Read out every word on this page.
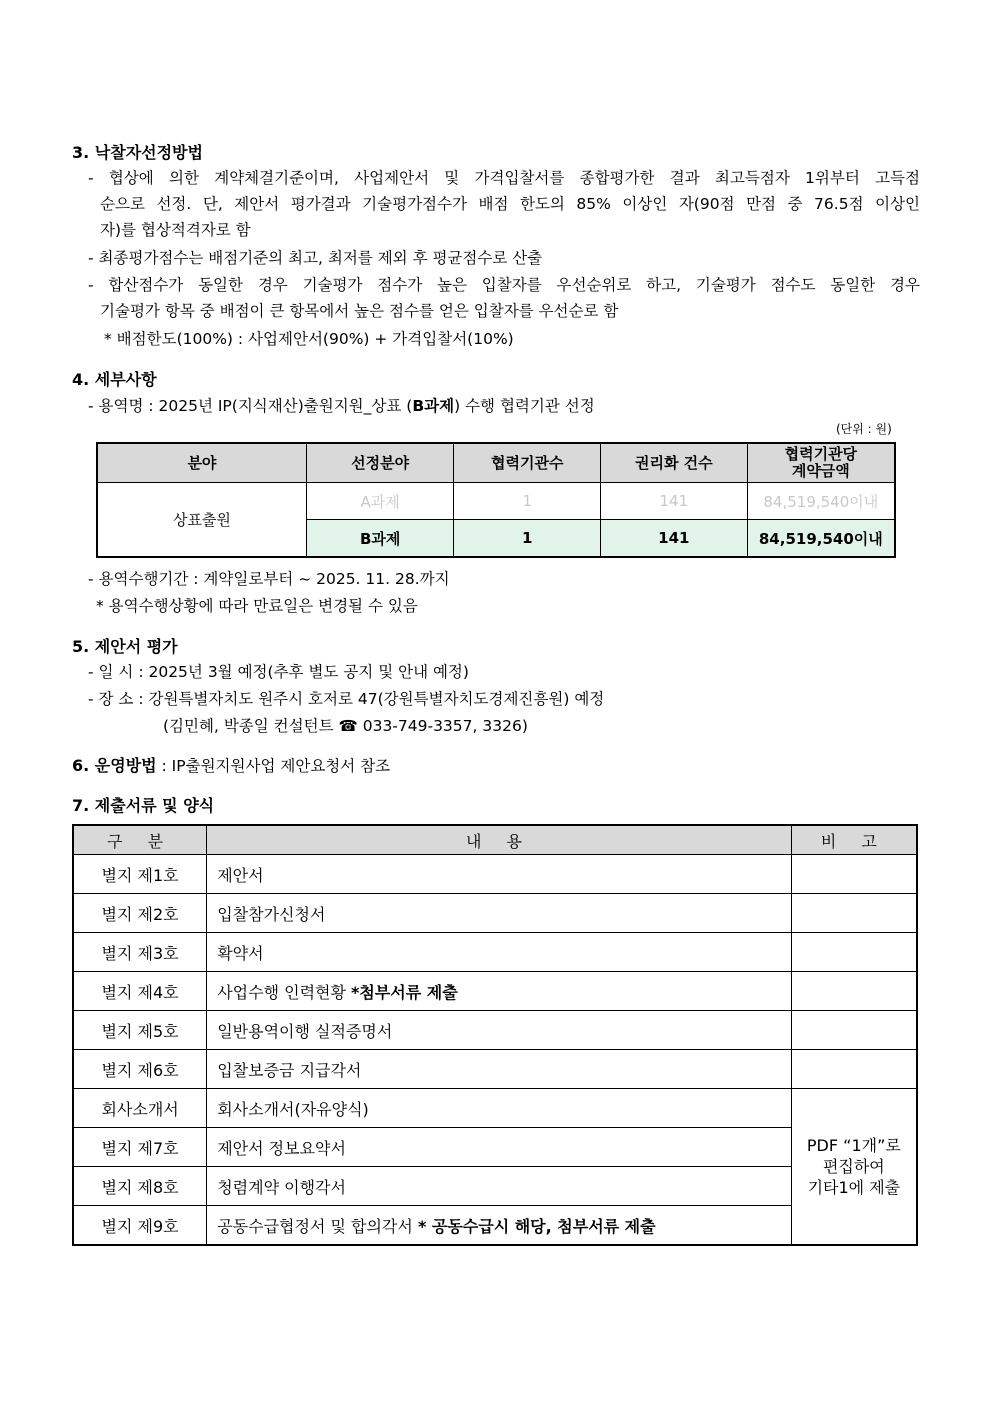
3. 낙찰자선정방법
- 협상에 의한 계약체결기준이며, 사업제안서 및 가격입찰서를 종합평가한 결과 최고득점자 1위부터 고득점
순으로 선정. 단, 제안서 평가결과 기술평가점수가 배점 한도의 85% 이상인 자(90점 만점 중 76.5점 이상인
자)를 협상적격자로 함
- 최종평가점수는 배점기준의 최고, 최저를 제외 후 평균점수로 산출
- 합산점수가 동일한 경우 기술평가 점수가 높은 입찰자를 우선순위로 하고, 기술평가 점수도 동일한 경우
기술평가 항목 중 배점이 큰 항목에서 높은 점수를 얻은 입찰자를 우선순로 함
* 배점한도(100%) : 사업제안서(90%) + 가격입찰서(10%)
4. 세부사항
- 용역명 : 2025년 IP(지식재산)출원지원_상표 (B과제) 수행 협력기관 선정
(단위 : 원)
분야	선정분야	협력기관수	권리화 건수	협력기관당
계약금액
상표출원	A과제	1	141	84,519,540이내
	B과제	1	141	84,519,540이내
- 용역수행기간 : 계약일로부터 ~ 2025. 11. 28.까지
* 용역수행상황에 따라 만료일은 변경될 수 있음
5. 제안서 평가
- 일 시 : 2025년 3월 예정(추후 별도 공지 및 안내 예정)
- 장 소 : 강원특별자치도 원주시 호저로 47(강원특별자치도경제진흥원) 예정
(김민혜, 박종일 컨설턴트 ☎ 033-749-3357, 3326)
6. 운영방법 : IP출원지원사업 제안요청서 참조
7. 제출서류 및 양식
구 분	내 용	비 고
별지 제1호	제안서	
별지 제2호	입찰참가신청서	
별지 제3호	확약서	
별지 제4호	사업수행 인력현황 *첨부서류 제출	
별지 제5호	일반용역이행 실적증명서	
별지 제6호	입찰보증금 지급각서	
회사소개서	회사소개서(자유양식)	PDF “1개”로
편집하여
기타1에 제출
별지 제7호	제안서 정보요약서	
별지 제8호	청렴계약 이행각서	
별지 제9호	공동수급협정서 및 합의각서 * 공동수급시 해당, 첨부서류 제출	
